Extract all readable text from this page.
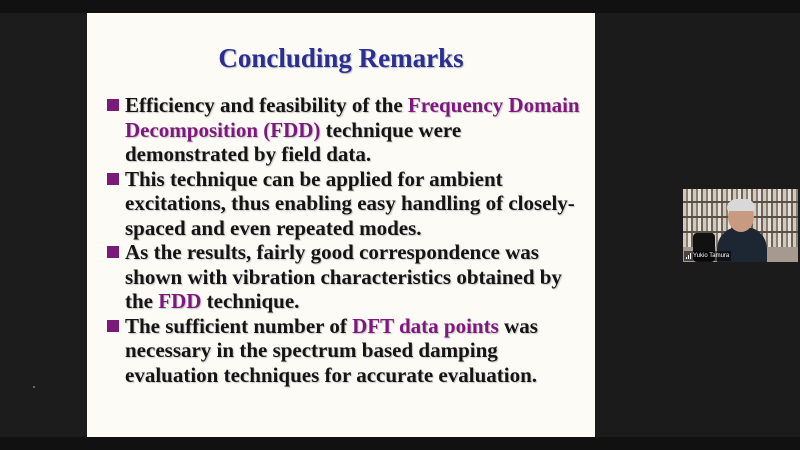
Concluding Remarks
Efficiency and feasibility of the Frequency Domain Decomposition (FDD) technique were demonstrated by field data.
This technique can be applied for ambient excitations, thus enabling easy handling of closely-spaced and even repeated modes.
As the results, fairly good correspondence was shown with vibration characteristics obtained by the FDD technique.
The sufficient number of DFT data points was necessary in the spectrum based damping evaluation techniques for accurate evaluation.
Yukio Tamura
